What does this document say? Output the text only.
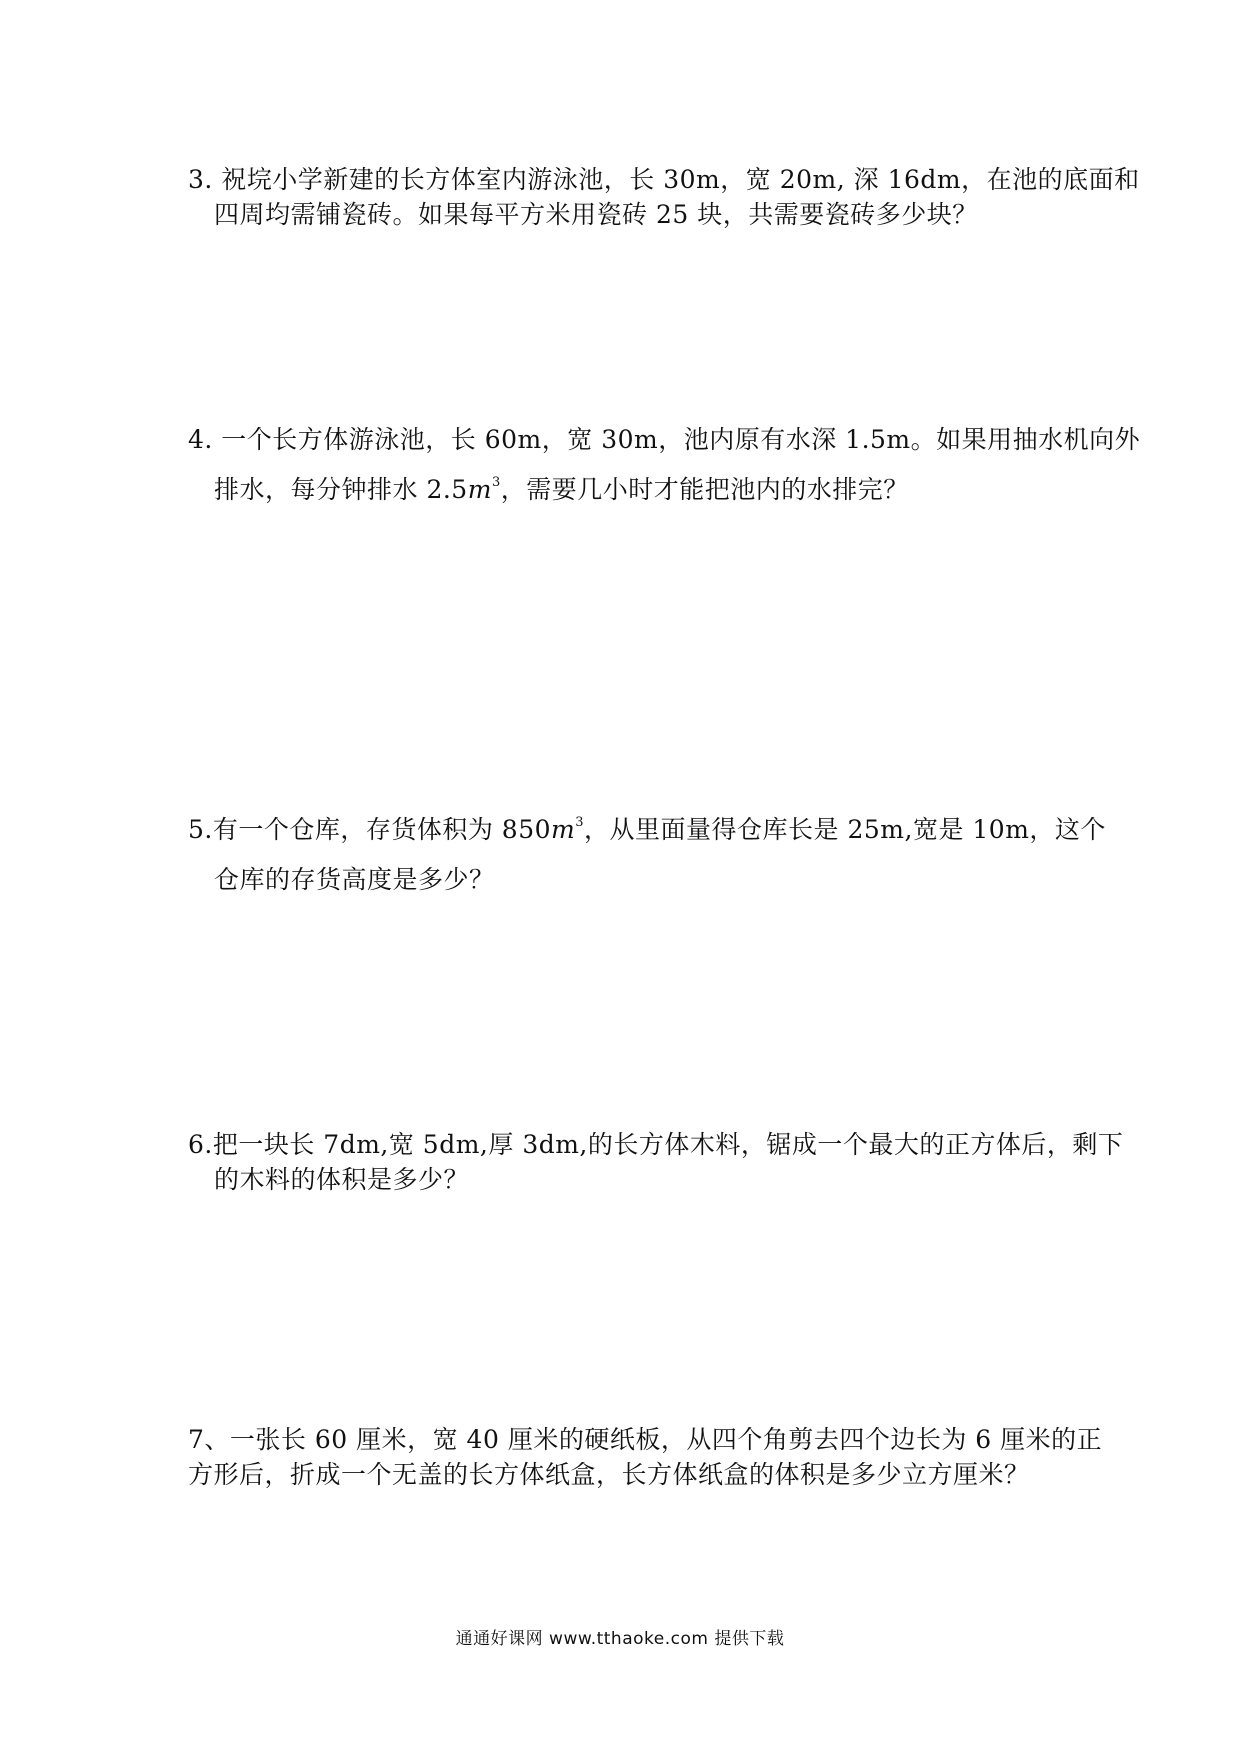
3. 祝垸小学新建的长方体室内游泳池，长 30m，宽 20m, 深 16dm，在池的底面和
四周均需铺瓷砖。如果每平方米用瓷砖 25 块，共需要瓷砖多少块？
4. 一个长方体游泳池，长 60m，宽 30m，池内原有水深 1.5m。如果用抽水机向外
排水，每分钟排水 $2.5m^3$，需要几小时才能把池内的水排完？
5.有一个仓库，存货体积为 $850m^3$，从里面量得仓库长是 25m,宽是 10m，这个
仓库的存货高度是多少？
6.把一块长 7dm,宽 5dm,厚 3dm,的长方体木料，锯成一个最大的正方体后，剩下
的木料的体积是多少？
7、一张长 60 厘米，宽 40 厘米的硬纸板，从四个角剪去四个边长为 6 厘米的正
方形后，折成一个无盖的长方体纸盒，长方体纸盒的体积是多少立方厘米？
通通好课网 www.tthaoke.com 提供下载
